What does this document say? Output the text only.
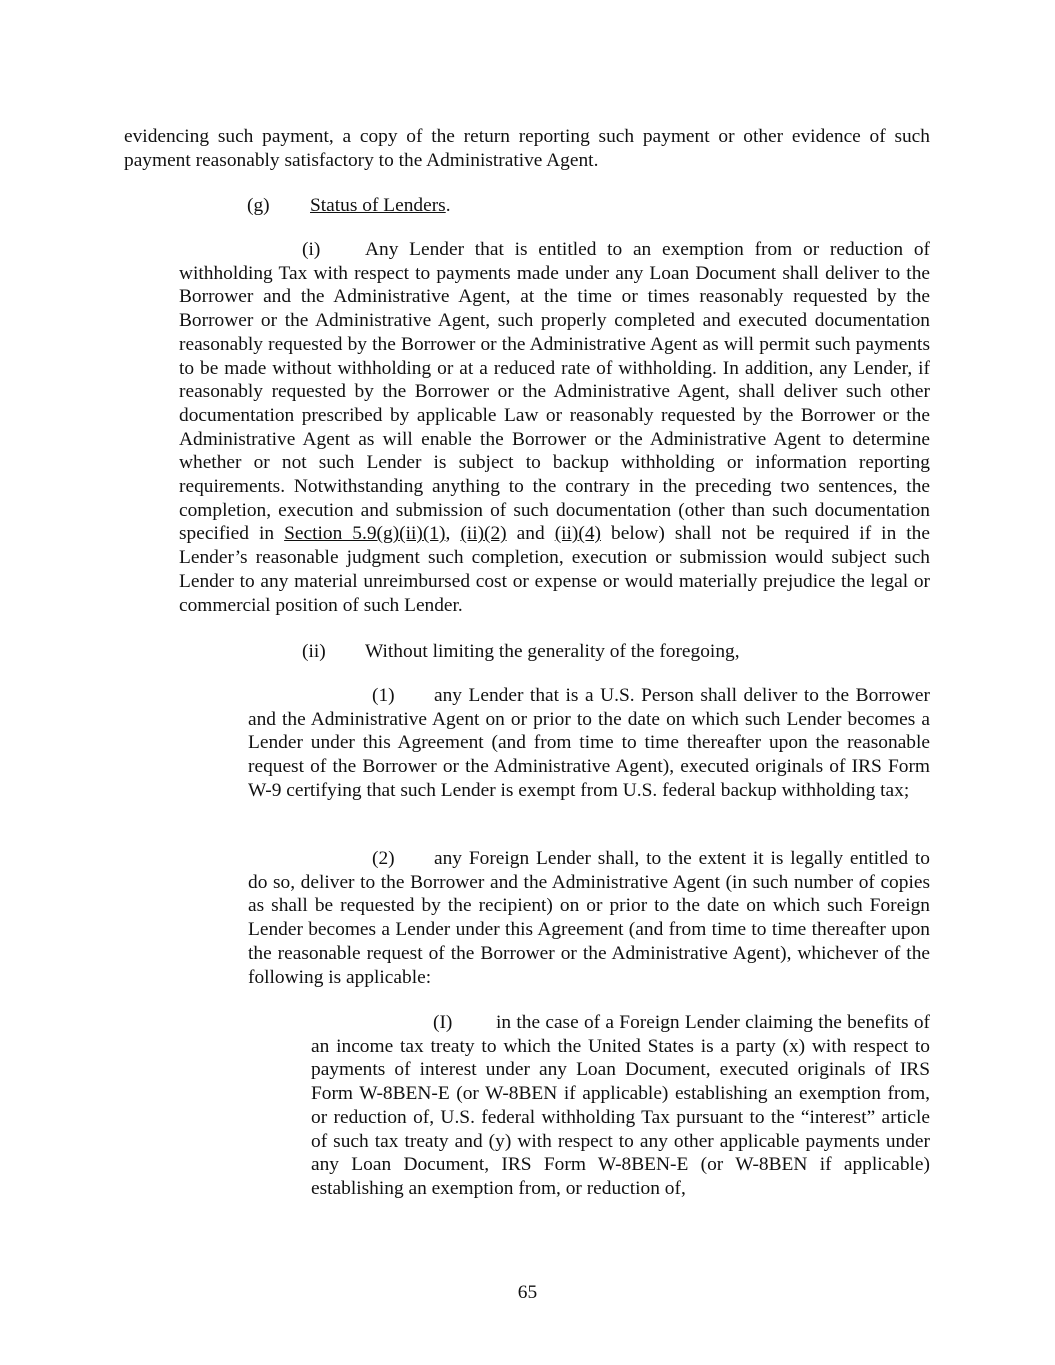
evidencing such payment, a copy of the return reporting such payment or other evidence of such payment reasonably satisfactory to the Administrative Agent.

(g) Status of Lenders.

(i) Any Lender that is entitled to an exemption from or reduction of withholding Tax with respect to payments made under any Loan Document shall deliver to the Borrower and the Administrative Agent, at the time or times reasonably requested by the Borrower or the Administrative Agent, such properly completed and executed documentation reasonably requested by the Borrower or the Administrative Agent as will permit such payments to be made without withholding or at a reduced rate of withholding. In addition, any Lender, if reasonably requested by the Borrower or the Administrative Agent, shall deliver such other documentation prescribed by applicable Law or reasonably requested by the Borrower or the Administrative Agent as will enable the Borrower or the Administrative Agent to determine whether or not such Lender is subject to backup withholding or information reporting requirements. Notwithstanding anything to the contrary in the preceding two sentences, the completion, execution and submission of such documentation (other than such documentation specified in Section 5.9(g)(ii)(1), (ii)(2) and (ii)(4) below) shall not be required if in the Lender’s reasonable judgment such completion, execution or submission would subject such Lender to any material unreimbursed cost or expense or would materially prejudice the legal or commercial position of such Lender.

(ii) Without limiting the generality of the foregoing,

(1) any Lender that is a U.S. Person shall deliver to the Borrower and the Administrative Agent on or prior to the date on which such Lender becomes a Lender under this Agreement (and from time to time thereafter upon the reasonable request of the Borrower or the Administrative Agent), executed originals of IRS Form W-9 certifying that such Lender is exempt from U.S. federal backup withholding tax;

(2) any Foreign Lender shall, to the extent it is legally entitled to do so, deliver to the Borrower and the Administrative Agent (in such number of copies as shall be requested by the recipient) on or prior to the date on which such Foreign Lender becomes a Lender under this Agreement (and from time to time thereafter upon the reasonable request of the Borrower or the Administrative Agent), whichever of the following is applicable:

(I) in the case of a Foreign Lender claiming the benefits of an income tax treaty to which the United States is a party (x) with respect to payments of interest under any Loan Document, executed originals of IRS Form W-8BEN-E (or W-8BEN if applicable) establishing an exemption from, or reduction of, U.S. federal withholding Tax pursuant to the “interest” article of such tax treaty and (y) with respect to any other applicable payments under any Loan Document, IRS Form W-8BEN-E (or W-8BEN if applicable) establishing an exemption from, or reduction of,

65
